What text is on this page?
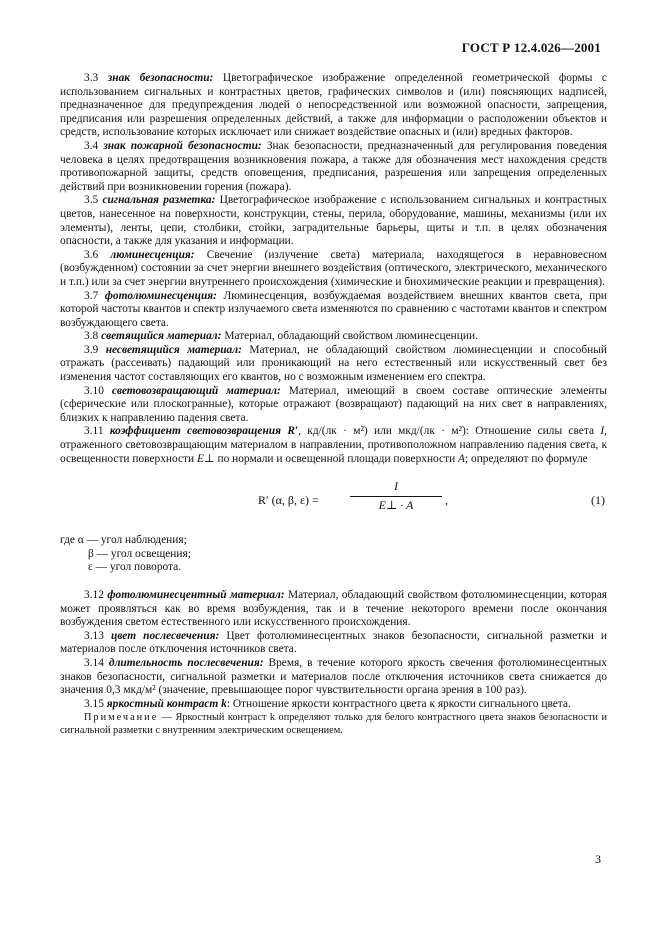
ГОСТ Р 12.4.026—2001

3.3 знак безопасности: Цветографическое изображение определенной геометрической формы с использованием сигнальных и контрастных цветов, графических символов и (или) поясняющих надписей, предназначенное для предупреждения людей о непосредственной или возможной опасности, запрещения, предписания или разрешения определенных действий, а также для информации о расположении объектов и средств, использование которых исключает или снижает воздействие опасных и (или) вредных факторов.

3.4 знак пожарной безопасности: Знак безопасности, предназначенный для регулирования поведения человека в целях предотвращения возникновения пожара, а также для обозначения мест нахождения средств противопожарной защиты, средств оповещения, предписания, разрешения или запрещения определенных действий при возникновении горения (пожара).

3.5 сигнальная разметка: Цветографическое изображение с использованием сигнальных и контрастных цветов, нанесенное на поверхности, конструкции, стены, перила, оборудование, машины, механизмы (или их элементы), ленты, цепи, столбики, стойки, заградительные барьеры, щиты и т.п. в целях обозначения опасности, а также для указания и информации.

3.6 люминесценция: Свечение (излучение света) материала, находящегося в неравновесном (возбужденном) состоянии за счет энергии внешнего воздействия (оптического, электрического, механического и т.п.) или за счет энергии внутреннего происхождения (химические и биохимические реакции и превращения).

3.7 фотолюминесценция: Люминесценция, возбуждаемая воздействием внешних квантов света, при которой частоты квантов и спектр излучаемого света изменяются по сравнению с частотами квантов и спектром возбуждающего света.

3.8 светящийся материал: Материал, обладающий свойством люминесценции.

3.9 несветящийся материал: Материал, не обладающий свойством люминесценции и способный отражать (рассеивать) падающий или проникающий на него естественный или искусственный свет без изменения частот составляющих его квантов, но с возможным изменением его спектра.

3.10 световозвращающий материал: Материал, имеющий в своем составе оптические элементы (сферические или плоскогранные), которые отражают (возвращают) падающий на них свет в направлениях, близких к направлению падения света.

3.11 коэффициент световозвращения R′, кд/(лк · м²) или мкд/(лк · м²): Отношение силы света I, отраженного световозвращающим материалом в направлении, противоположном направлению падения света, к освещенности поверхности E⊥ по нормали и освещенной площади поверхности A; определяют по формуле

R′ (α, β, ε) =
I
E⊥ · A	,	(1)
где α — угол наблюдения;
β — угол освещения;
ε — угол поворота.

3.12 фотолюминесцентный материал: Материал, обладающий свойством фотолюминесценции, которая может проявляться как во время возбуждения, так и в течение некоторого времени после окончания возбуждения светом естественного или искусственного происхождения.

3.13 цвет послесвечения: Цвет фотолюминесцентных знаков безопасности, сигнальной разметки и материалов после отключения источников света.

3.14 длительность послесвечения: Время, в течение которого яркость свечения фотолюминесцентных знаков безопасности, сигнальной разметки и материалов после отключения источников света снижается до значения 0,3 мкд/м² (значение, превышающее порог чувствительности органа зрения в 100 раз).

3.15 яркостный контраст k: Отношение яркости контрастного цвета к яркости сигнального цвета.

Примечание — Яркостный контраст k определяют только для белого контрастного цвета знаков безопасности и сигнальной разметки с внутренним электрическим освещением.

3
